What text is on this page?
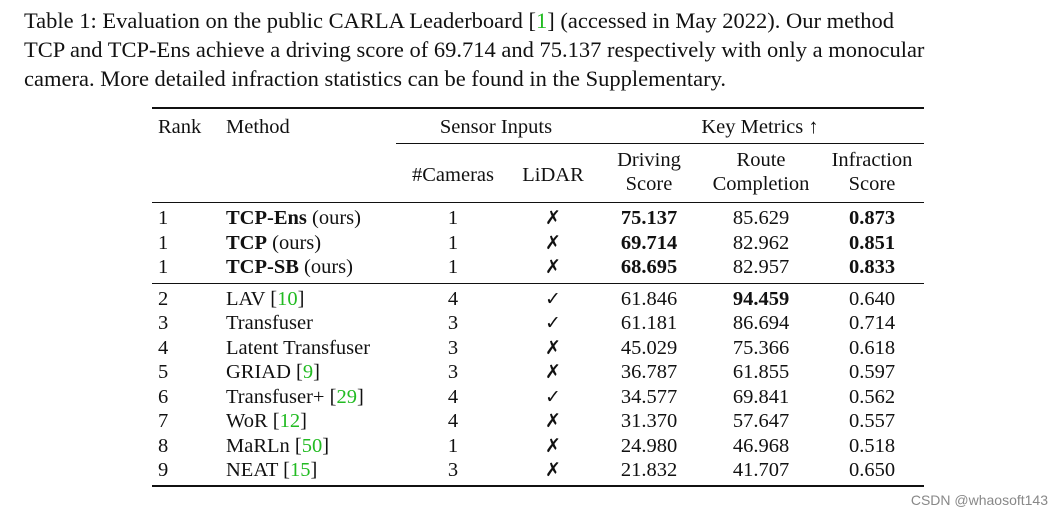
Table 1: Evaluation on the public CARLA Leaderboard [1] (accessed in May 2022). Our method
TCP and TCP-Ens achieve a driving score of 69.714 and 75.137 respectively with only a monocular
camera. More detailed infraction statistics can be found in the Supplementary.
Rank	Method	Sensor Inputs		Key Metrics ↑		
		#Cameras	LiDAR	Driving	Route	Infraction
				Score	Completion	Score
1	TCP-Ens (ours)	1	✗	75.137	85.629	0.873
1	TCP (ours)	1	✗	69.714	82.962	0.851
1	TCP-SB (ours)	1	✗	68.695	82.957	0.833
2	LAV [10]	4	✓	61.846	94.459	0.640
3	Transfuser	3	✓	61.181	86.694	0.714
4	Latent Transfuser	3	✗	45.029	75.366	0.618
5	GRIAD [9]	3	✗	36.787	61.855	0.597
6	Transfuser+ [29]	4	✓	34.577	69.841	0.562
7	WoR [12]	4	✗	31.370	57.647	0.557
8	MaRLn [50]	1	✗	24.980	46.968	0.518
9	NEAT [15]	3	✗	21.832	41.707	0.650
CSDN @whaosoft143
